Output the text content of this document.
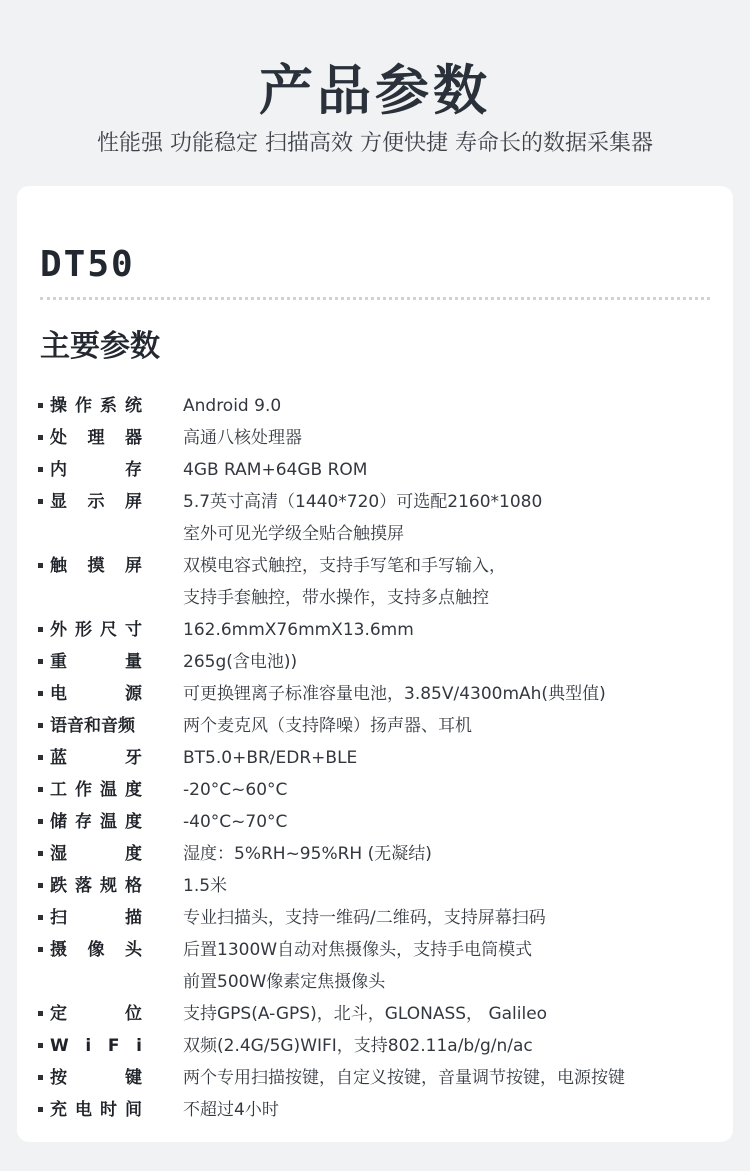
产品参数
性能强 功能稳定 扫描高效 方便快捷 寿命长的数据采集器
DT50
主要参数
操 作 系 统 Android 9.0
处 理 器 高通八核处理器
内	存 4GB RAM+64GB ROM
显 示 屏 5.7英寸高清（1440*720）可选配2160*1080
室外可见光学级全贴合触摸屏
触 摸 屏 双模电容式触控，支持手写笔和手写输入，
支持手套触控，带水操作，支持多点触控
外 形 尺 寸 162.6mmX76mmX13.6mm
重	量 265g(含电池))
电	源 可更换锂离子标准容量电池，3.85V/4300mAh(典型值)
语音和音频	两个麦克风（支持降噪）扬声器、耳机
蓝	牙 BT5.0+BR/EDR+BLE
工 作 温 度 -20°C~60°C
储 存 温 度 -40°C~70°C
湿	度 湿度：5%RH~95%RH (无凝结)
跌 落 规 格 1.5米
扫	描 专业扫描头，支持一维码/二维码，支持屏幕扫码
摄 像 头 后置1300W自动对焦摄像头，支持手电筒模式
前置500W像素定焦摄像头
定	位 支持GPS(A-GPS)，北斗，GLONASS， Galileo
W i F i 双频(2.4G/5G)WIFI，支持802.11a/b/g/n/ac
按	键 两个专用扫描按键，自定义按键，音量调节按键，电源按键
充 电 时 间 不超过4小时
